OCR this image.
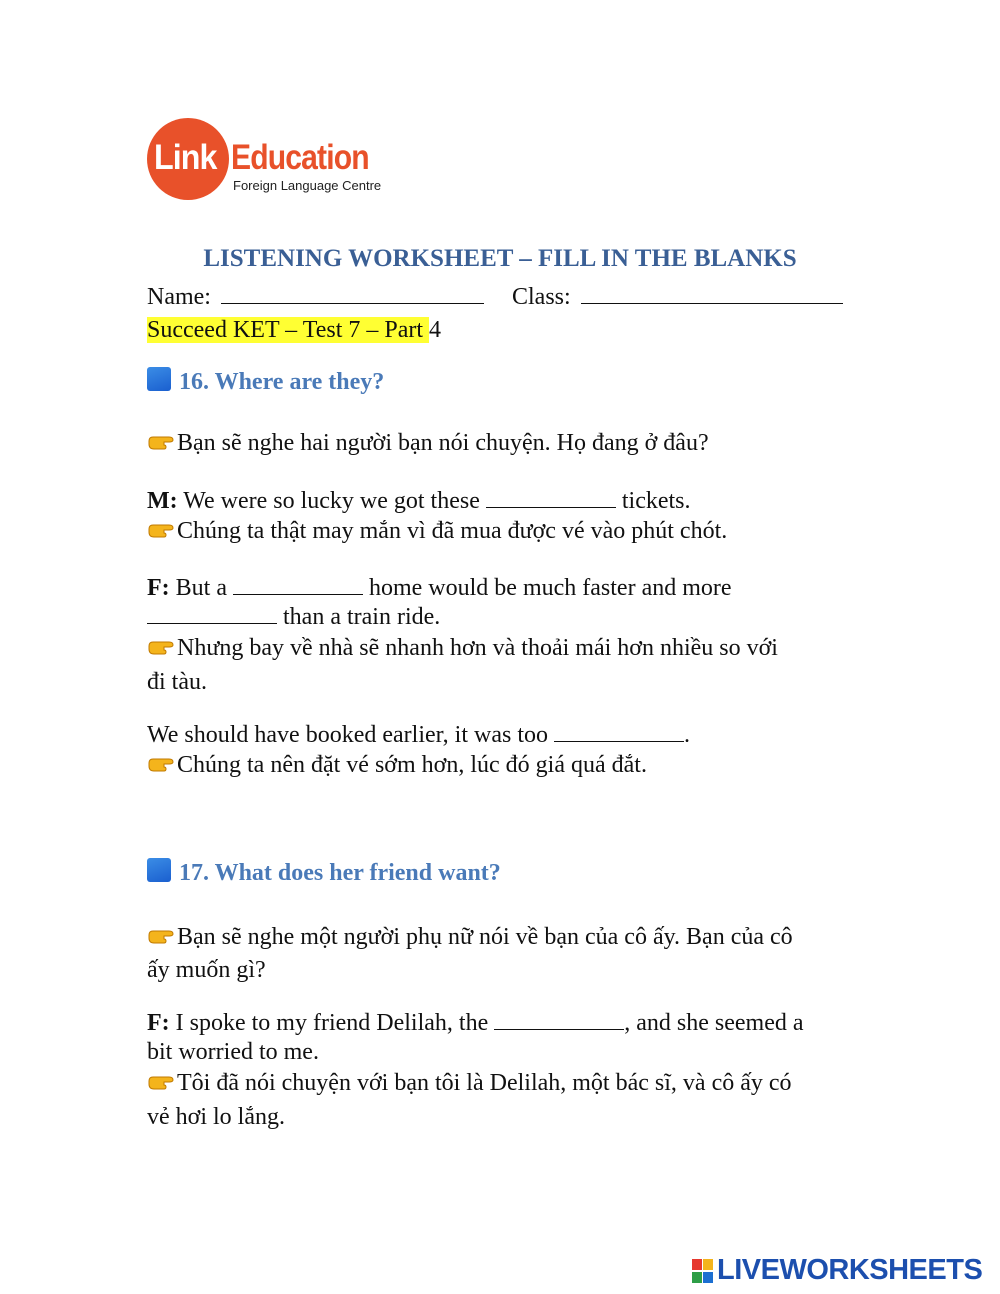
Link Education
Foreign Language Centre
LISTENING WORKSHEET – FILL IN THE BLANKS
Name:	Class:
Succeed KET – Test 7 – Part 4
16. Where are they?
Bạn sẽ nghe hai người bạn nói chuyện. Họ đang ở đâu?
M: We were so lucky we got these	tickets.
Chúng ta thật may mắn vì đã mua được vé vào phút chót.
F: But a	home would be much faster and more
than a train ride.
Nhưng bay về nhà sẽ nhanh hơn và thoải mái hơn nhiều so với
đi tàu.
We should have booked earlier, it was too	.
Chúng ta nên đặt vé sớm hơn, lúc đó giá quá đắt.
17. What does her friend want?
Bạn sẽ nghe một người phụ nữ nói về bạn của cô ấy. Bạn của cô
ấy muốn gì?
F: I spoke to my friend Delilah, the	, and she seemed a
bit worried to me.
Tôi đã nói chuyện với bạn tôi là Delilah, một bác sĩ, và cô ấy có
vẻ hơi lo lắng.
LIVEWORKSHEETS
